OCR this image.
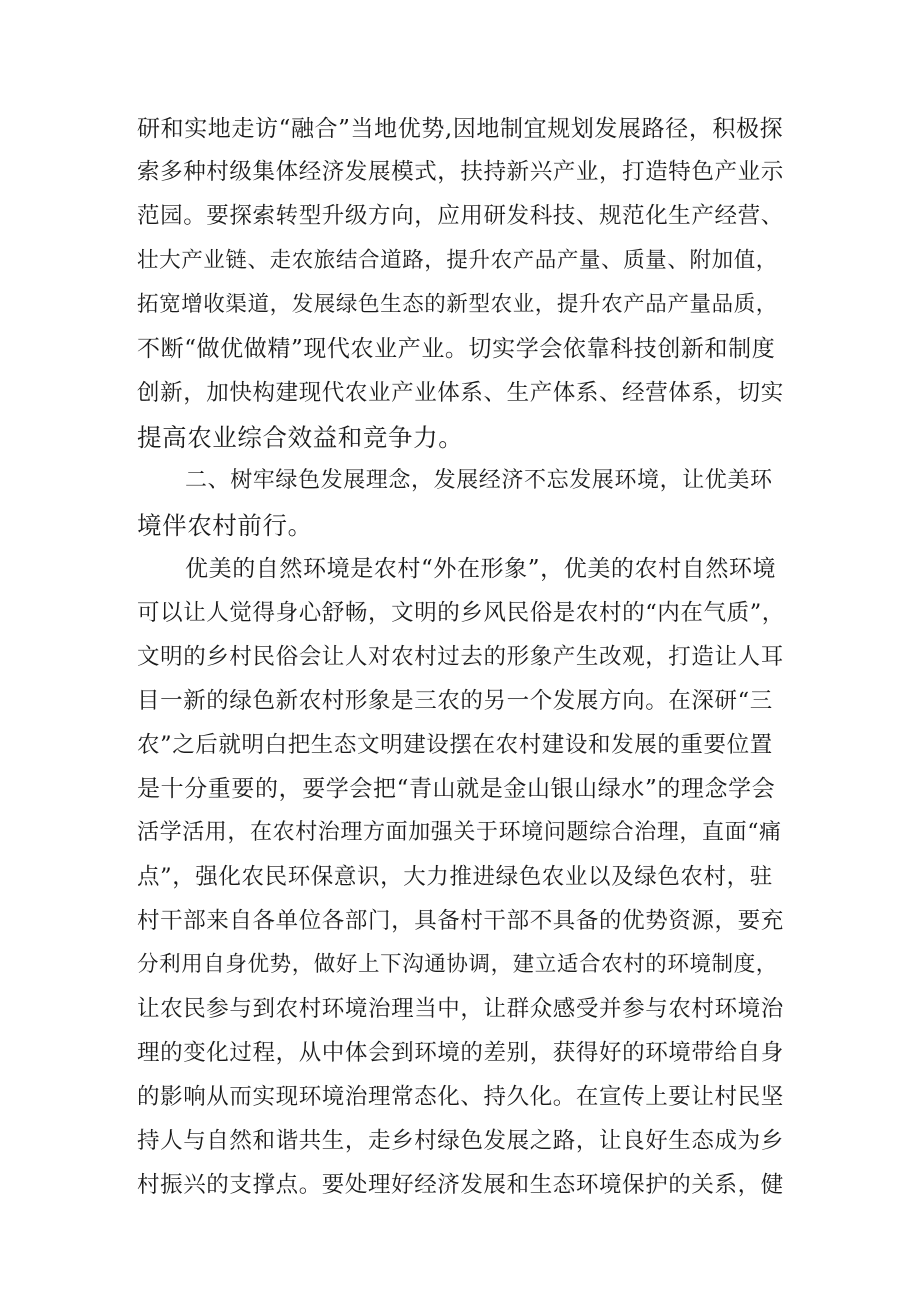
研和实地走访“融合”当地优势,因地制宜规划发展路径，积极探
索多种村级集体经济发展模式，扶持新兴产业，打造特色产业示
范园。要探索转型升级方向，应用研发科技、规范化生产经营、
壮大产业链、走农旅结合道路，提升农产品产量、质量、附加值，
拓宽增收渠道，发展绿色生态的新型农业，提升农产品产量品质，
不断“做优做精”现代农业产业。切实学会依靠科技创新和制度
创新，加快构建现代农业产业体系、生产体系、经营体系，切实
提高农业综合效益和竞争力。
二、树牢绿色发展理念，发展经济不忘发展环境，让优美环
境伴农村前行。
优美的自然环境是农村“外在形象”，优美的农村自然环境
可以让人觉得身心舒畅，文明的乡风民俗是农村的“内在气质”，
文明的乡村民俗会让人对农村过去的形象产生改观，打造让人耳
目一新的绿色新农村形象是三农的另一个发展方向。在深研“三
农”之后就明白把生态文明建设摆在农村建设和发展的重要位置
是十分重要的，要学会把“青山就是金山银山绿水”的理念学会
活学活用，在农村治理方面加强关于环境问题综合治理，直面“痛
点”，强化农民环保意识，大力推进绿色农业以及绿色农村，驻
村干部来自各单位各部门，具备村干部不具备的优势资源，要充
分利用自身优势，做好上下沟通协调，建立适合农村的环境制度，
让农民参与到农村环境治理当中，让群众感受并参与农村环境治
理的变化过程，从中体会到环境的差别，获得好的环境带给自身
的影响从而实现环境治理常态化、持久化。在宣传上要让村民坚
持人与自然和谐共生，走乡村绿色发展之路，让良好生态成为乡
村振兴的支撑点。要处理好经济发展和生态环境保护的关系，健
